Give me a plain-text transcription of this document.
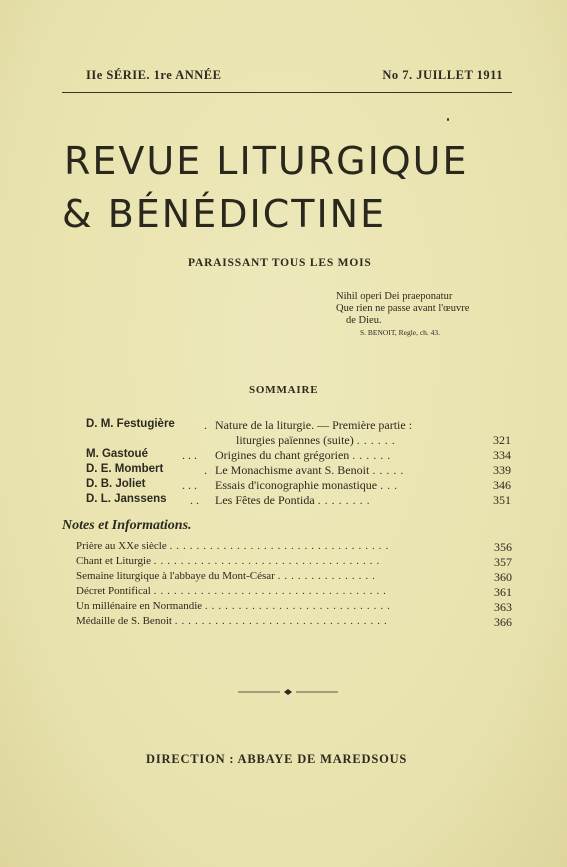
IIe SÉRIE. 1re ANNÉE	No 7. JUILLET 1911
REVUE LITURGIQUE
& BÉNÉDICTINE
PARAISSANT TOUS LES MOIS
Nihil operi Dei praeponatur
Que rien ne passe avant l'œuvre
de Dieu.
S. BENOIT, Regle, ch. 43.
SOMMAIRE
D. M. Festugière . Nature de la liturgie. — Première partie :
liturgies païennes (suite) ......	321
M. Gastoué	. . . Origines du chant grégorien ......	334
D. E. Mombert	. Le Monachisme avant S. Benoit .....	339
D. B. Joliet	. . . Essais d'iconographie monastique ...	346
D. L. Janssens . . Les Fêtes de Pontida ........	351
Notes et Informations.
Prière au XXe siècle .................................	356
Chant et Liturgie ..................................	357
Semaine liturgique à l'abbaye du Mont-César ...............	360
Décret Pontifical ...................................	361
Un millénaire en Normandie ............................	363
Médaille de S. Benoit ................................	366
DIRECTION : ABBAYE DE MAREDSOUS
